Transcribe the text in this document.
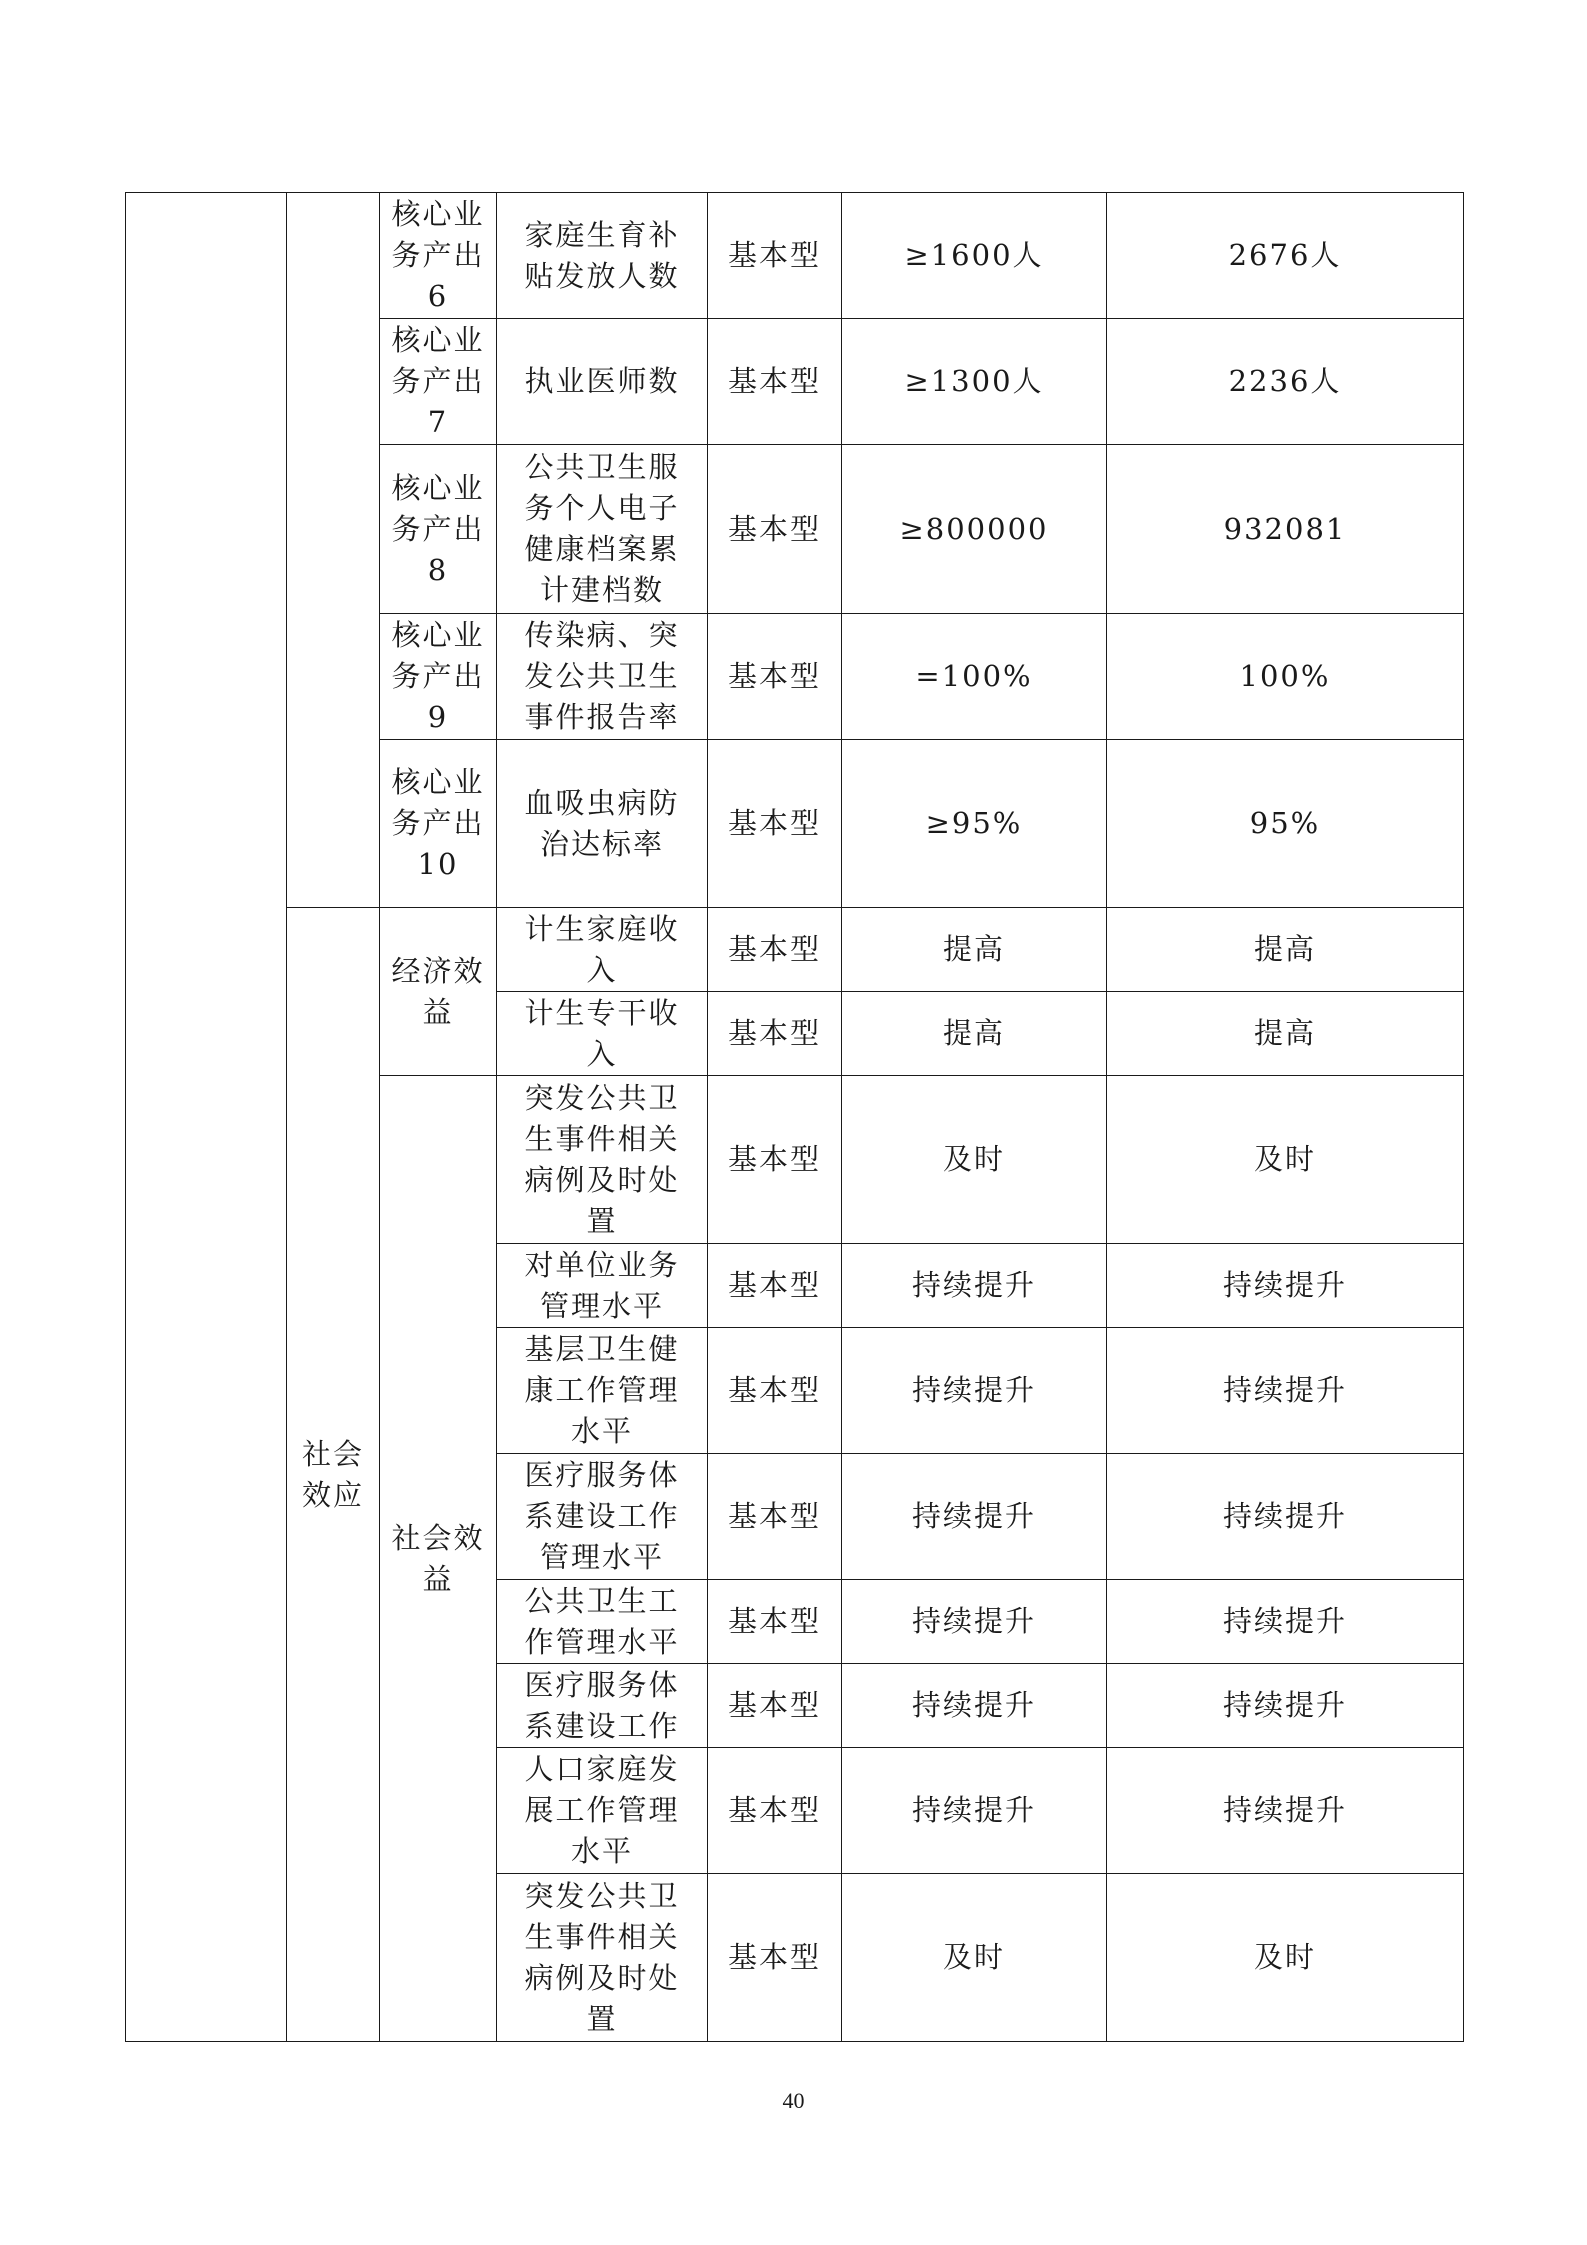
		核心业务产出6	家庭生育补贴发放人数	基本型	≥1600人	2676人
		核心业务产出7	执业医师数	基本型	≥1300人	2236人
		核心业务产出8	公共卫生服务个人电子健康档案累计建档数	基本型	≥800000	932081
		核心业务产出9	传染病、突发公共卫生事件报告率	基本型	=100%	100%
		核心业务产出10	血吸虫病防治达标率	基本型	≥95%	95%
	社会效应	经济效益	计生家庭收入	基本型	提高	提高
			计生专干收入	基本型	提高	提高
		社会效益	突发公共卫生事件相关病例及时处置	基本型	及时	及时
			对单位业务管理水平	基本型	持续提升	持续提升
			基层卫生健康工作管理水平	基本型	持续提升	持续提升
			医疗服务体系建设工作管理水平	基本型	持续提升	持续提升
			公共卫生工作管理水平	基本型	持续提升	持续提升
			医疗服务体系建设工作	基本型	持续提升	持续提升
			人口家庭发展工作管理水平	基本型	持续提升	持续提升
			突发公共卫生事件相关病例及时处置	基本型	及时	及时
40
